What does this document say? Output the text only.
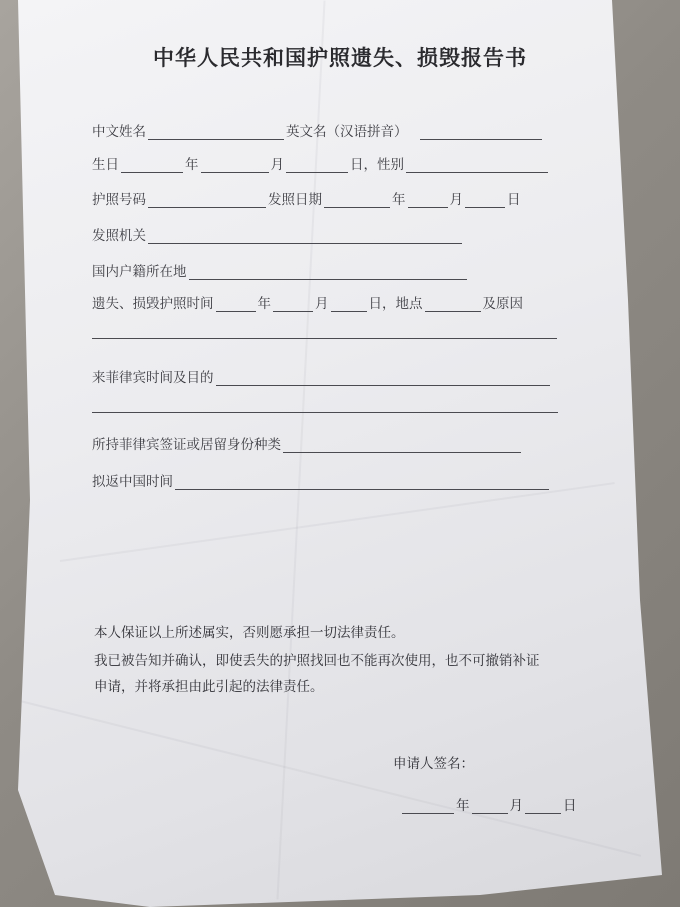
中华人民共和国护照遗失、损毁报告书
中文姓名	英文名（汉语拼音）
生日	年	月	日，性别
护照号码	发照日期	年	月	日
发照机关
国内户籍所在地
遗失、损毁护照时间	年	月	日，地点	及原因
来菲律宾时间及目的
所持菲律宾签证或居留身份种类
拟返中国时间
本人保证以上所述属实，否则愿承担一切法律责任。
我已被告知并确认，即使丢失的护照找回也不能再次使用，也不可撤销补证
申请，并将承担由此引起的法律责任。
申请人签名：
年	月	日
